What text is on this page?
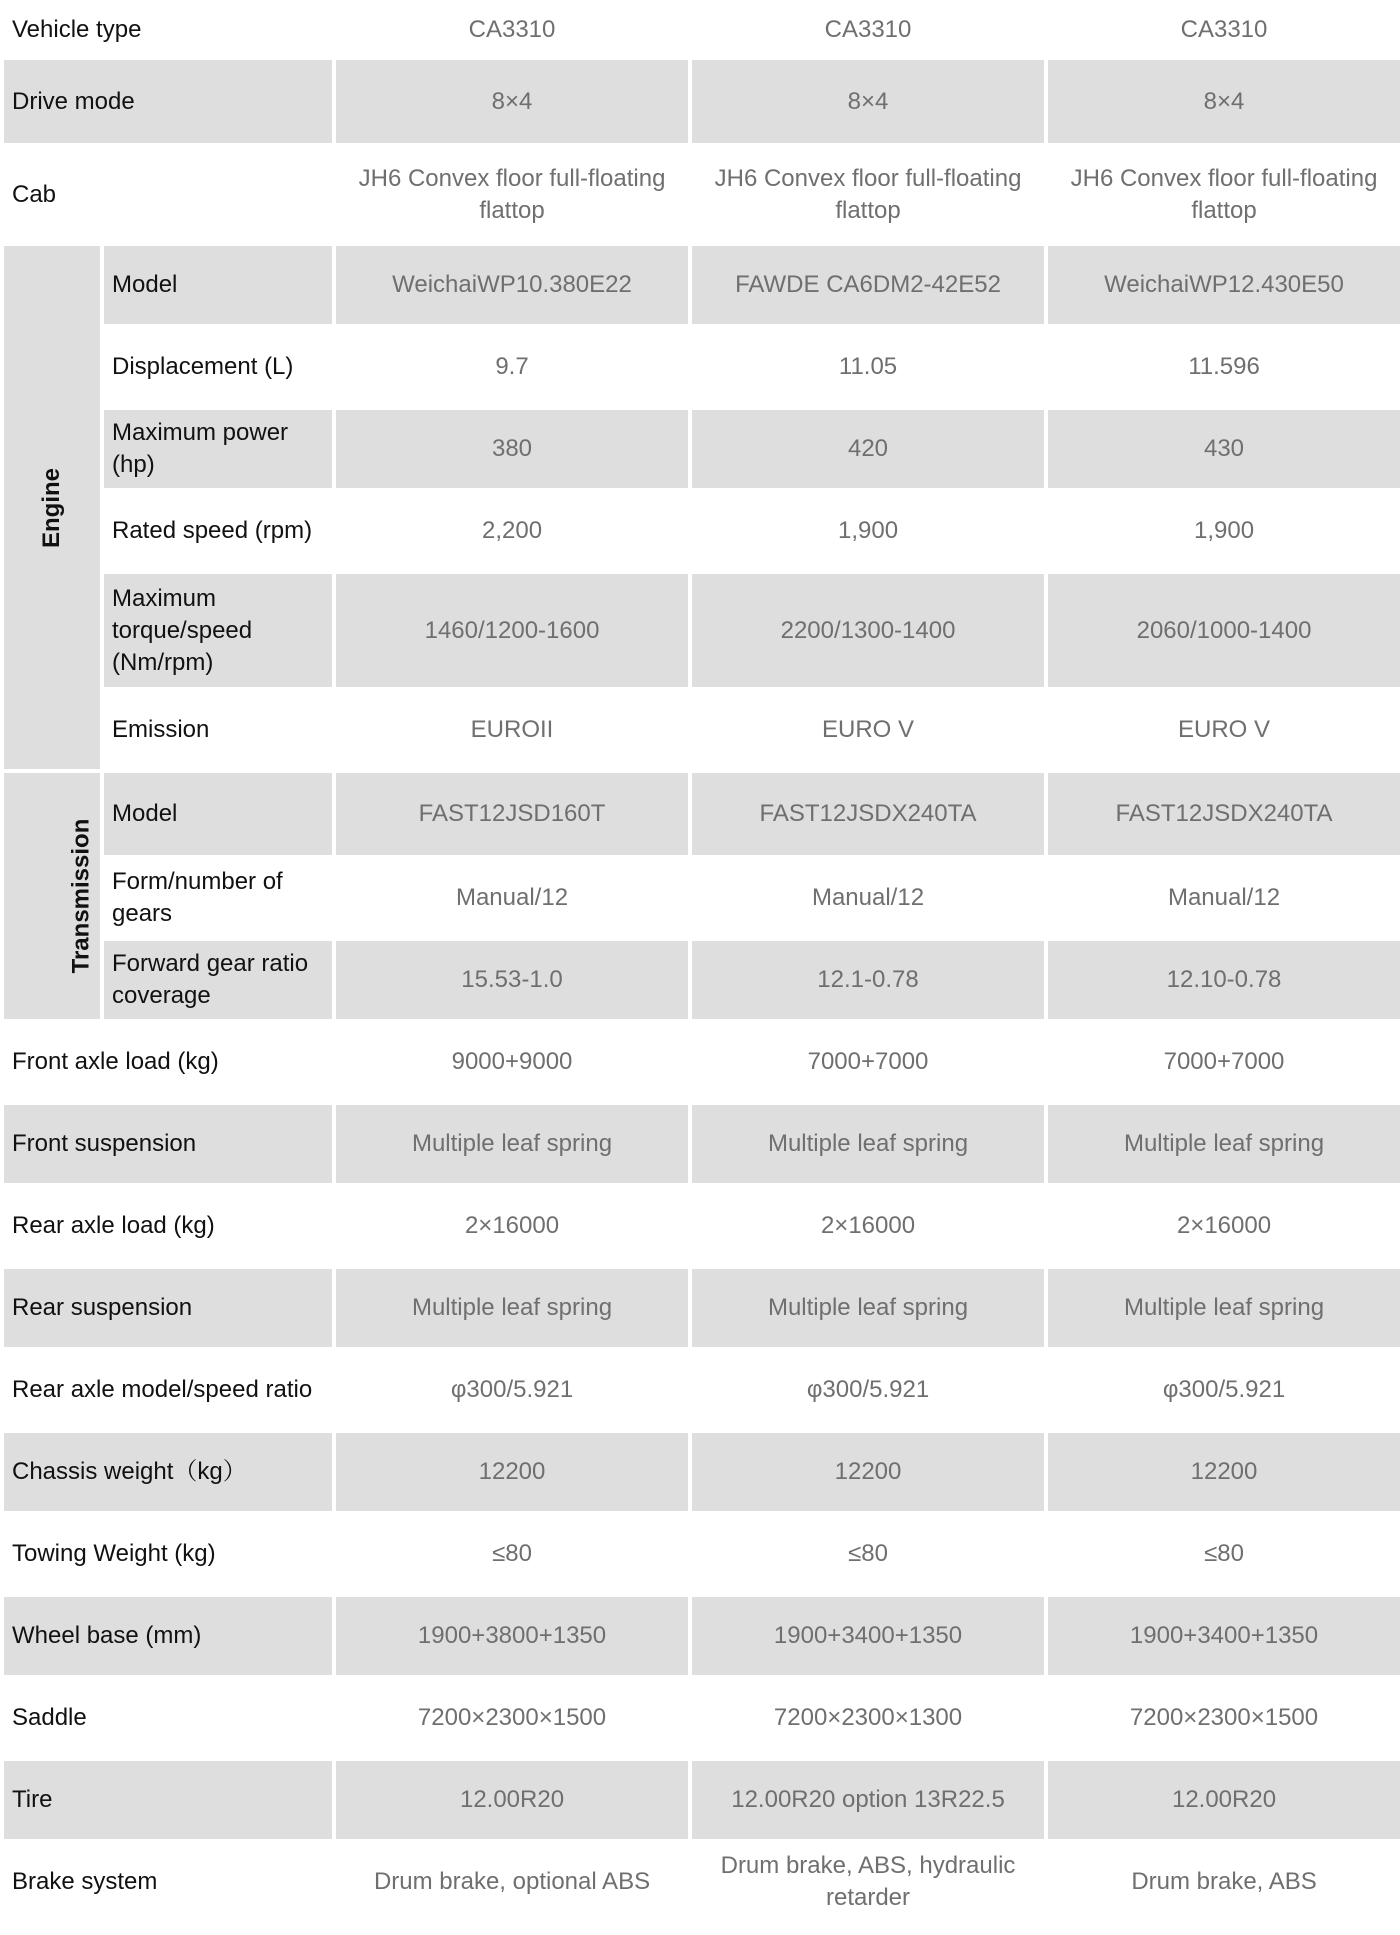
Vehicle type		CA3310	CA3310	CA3310
Drive mode		8×4	8×4	8×4
Cab		JH6 Convex floor full-floating flattop	JH6 Convex floor full-floating flattop	JH6 Convex floor full-floating flattop
Engine	Model	WeichaiWP10.380E22	FAWDE CA6DM2-42E52	WeichaiWP12.430E50
	Displacement (L)	9.7	11.05	11.596
	Maximum power (hp)	380	420	430
	Rated speed (rpm)	2,200	1,900	1,900
	Maximum torque/speed (Nm/rpm)	1460/1200-1600	2200/1300-1400	2060/1000-1400
	Emission	EUROII	EURO V	EURO V
Transmission	Model	FAST12JSD160T	FAST12JSDX240TA	FAST12JSDX240TA
	Form/number of gears	Manual/12	Manual/12	Manual/12
	Forward gear ratio coverage	15.53-1.0	12.1-0.78	12.10-0.78
Front axle load (kg)		9000+9000	7000+7000	7000+7000
Front suspension		Multiple leaf spring	Multiple leaf spring	Multiple leaf spring
Rear axle load (kg)		2×16000	2×16000	2×16000
Rear suspension		Multiple leaf spring	Multiple leaf spring	Multiple leaf spring
Rear axle model/speed ratio		φ300/5.921	φ300/5.921	φ300/5.921
Chassis weight（kg）		12200	12200	12200
Towing Weight (kg)		≤80	≤80	≤80
Wheel base (mm)		1900+3800+1350	1900+3400+1350	1900+3400+1350
Saddle		7200×2300×1500	7200×2300×1300	7200×2300×1500
Tire		12.00R20	12.00R20 option 13R22.5	12.00R20
Brake system		Drum brake, optional ABS	Drum brake, ABS, hydraulic retarder	Drum brake, ABS
